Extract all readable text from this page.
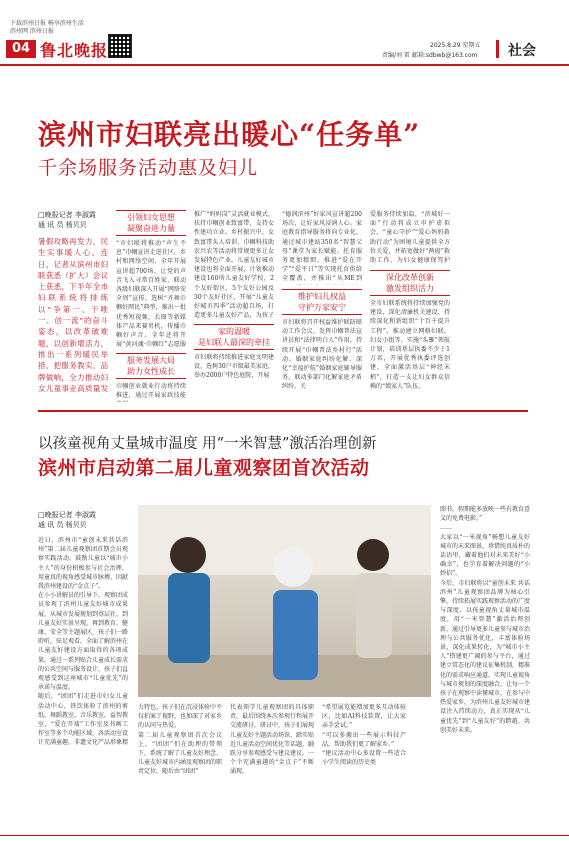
下载滨州日报 畅享滨州生活
滨州网 滨州日报
04 鲁北晚报	2025.8.29 星期五
责编/刘 雷 邮箱:sdbwb@163.com 社会
滨州市妇联亮出暖心“任务单”
千余场服务活动惠及妇儿
□晚报记者 李淑霞
通 讯 员 杨贝贝
暑假攻略再发力，民生实事暖人心。连日，记者从滨州市妇联获悉（扩大）会议上获悉，下半年全市妇联系统将排练以“争第一、干唯一、创一流”的奋斗姿态，以改革破难题，以创新增活力，推出一系列暖民举措，把服务教实，品牌做响，全力推动妇女儿童事业高质量发
引领妇女思想
凝聚奋进力量
“市妇联将推动“声生不息”巾帼宣讲走进社区，乡村和网络空间，全年开展宣讲超700场，让党的声音飞入寻常百姓家，联动各级妇联深入开展“网络安全周”宣传，选树“齐舞巾帼好网民”典型，推出一批优秀短视频，长图等新媒体产品来赛男机，传播巾帼好声音。全年还将开展“黄河魂·巾帼红”志愿服
服务发展大局
助力女性成长
巾帼创业就业行动将持续推进，通过开展家政技能
推广“妈妈岗”灵活就业模式，扶持巾帼创业致富带，支持女性建功立业。乡村振兴中，女致富带头人培训、巾帼科技助农兴农等活动将常规更多让女发展特色产业。儿童友好城市建设也将全面开展，计划推动建设160所儿童友好学校，2个友好街区，5个友好公园及30个友好社区，开展“儿童友好城市四季”活动超百场，打造更多儿童友好产品，为孩子
家的温暖
是妇联人最深的牵挂
市妇联将持续推进家庭文明建设，选树30户市级最美家庭，举办2000户特色庭院，开展
“德润滨州”好家风宣讲超200场次，让好家风浸润人心。家庭教育指导服务将向专业化，通过城市建站350名“智慧父母”课堂为家长赋能。托育服务更加精细，推进“爱在开学”“爱平日”等实现托育供给全覆盖，并推出“从ME到
维护妇儿权益
守护万家安宁
市妇联将召开权益维护联防联动工作会议，发挥巾帼普法宣讲员和“法律明白人”作用，持续开展“巾帼普法乡村行”活动。婚姻家庭纠纷化解、深化“幸福护航”婚姻家庭辅导服务，联动多部门化解家庭矛盾纠纷。关
爱服务持续加温，“滨城好一面”行动将成立申护虚拟会，“童心守护”“爱心妈妈救助行动”为困境儿童提供全方位关爱，并拓宽做好“两癌”救助工作，为妇女健康保驾护
深化改革创新
激发组织活力
全市妇联系统将持续加强党的建设，深化清廉机关建设，持续深化和新组织“十百千提升工程”，推动建立网格妇联，妇女小组等。实施“头雁”领航计划，培训基层执委不少于1万名，开展优秀执委评选创建，全面激活基层“神经末梢”，打造一支让妇女群众信赖的“娘家人”队伍。
以孩童视角丈量城市温度 用“一米智慧”激活治理创新
滨州市启动第二届儿童观察团首次活动
□晚报记者 李淑霞
通 讯 员 杨贝贝
近日，滨州市“童创未来共话滨州”第二届儿童观察团首期会员观察实践活动，鼓励儿童以“城市小主人”的身份积极参与社会治理，用童真的视角感受城市脉搏，因献我滨州建设的“金点子”。
在小小讲解员的引导下，观察团成员参观了滨州儿童友好城市成果展，从城市发展规划到基层社，到儿童友好实景呈现，再到教育、健康、安全等主题展区，孩子们一路聆听，驻足观看，全面了解滨州在儿童友好建设方面取得的各项成果。通过一系列贴合儿童成长需求的公共空间与服务设计，孩子们直观感受到这座城市“儿童优先”的承诺与温度。
随后，“团团”们走进市妇女儿童活动中心，铁饮体验了滨州的剪纸，舞蹈教室，音乐教室，益智教室，“爱在开端”工作室及书画工作室等多个功能区域。各活动室设计充满童趣，非遗文化产品形象精
力特色，孩子们在沉浸体验中不仅拍案了视野，也加深了对家乡的认同与热爱。
第二届儿童观察团首次会议上，“团团”们在助理的带领下，系统了解了儿童友好理念、儿童友好城市内涵及观察团的职责定位，随后由“团团”
代表领学儿童观察团的具体职责，最后围绕本次参观行程展开交流研讨，研讨中，孩子们展现儿童友好主题活动场馆，踏实贴近儿童活动空间优化等话题，踊跃分享参观感受与建议建议，一个个充满童趣的“金点子”不断涌现。
“希望展览能增加更多互动体验区，比如AI科技装置，让大家亲手尝试。”
“可以多搬出一些展示科技产品，帮助我们更了解家乡。”
“建议活动中心多设置一些适合小学生阅读的历史类
图书，假期能多放映一些有教育意义的免费电影。”
……
大家以“一米视角”畅想儿童友好城市的未来图景，珍惜纯真质朴的话语里，藏着他们对未来美好“小确幸”，也孕育着解决问题的“小妙招”。
今后，市妇联将以“童创未来 共话滨州”儿童观察团品牌为核心引擎，持续拓展实践观察活动的广度与深度，以孩童视角丈量城市温度，用“一米智慧”激活治理创新，通过引导更多儿童参与城市治理与公共服务优化，丰富体验场景，深化成果转化，为“城市小主人”搭建更广阔的参与平台，通过建立常态化的建议征集机制，精准化的需求响应通道，实现儿童视角与城市规划的深度融合，让每一个孩子在观察中读懂城市，在参与中热爱家乡，为滨州儿童友好城市建设注入持续动力，真正实现从“儿童优先”到“儿童友好”的跨越，共创美好未来。
